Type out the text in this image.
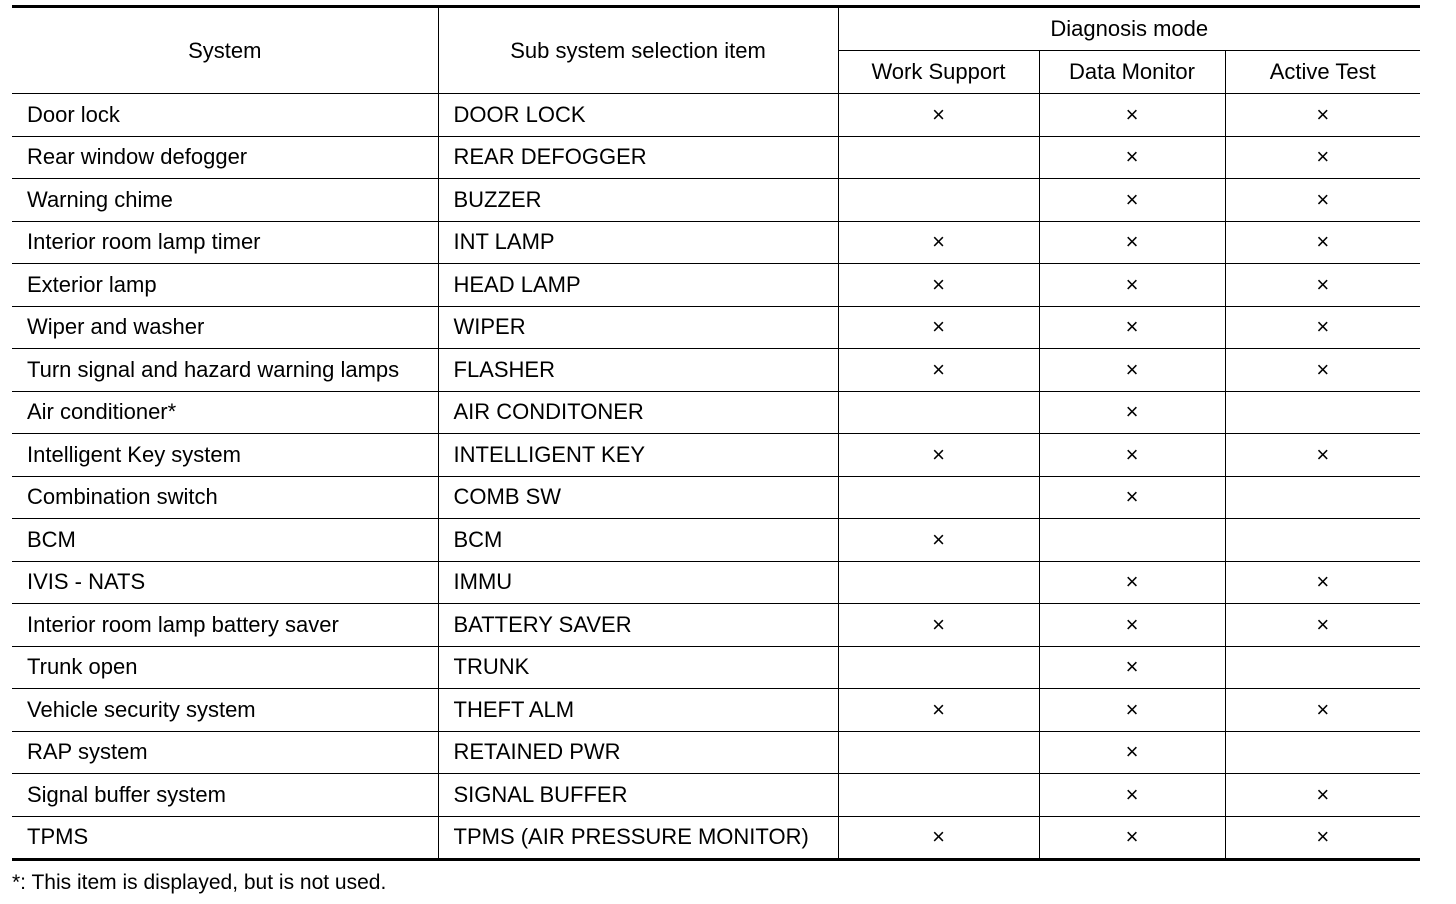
System	Sub system selection item	Diagnosis mode		
		Work Support	Data Monitor	Active Test
Door lock	DOOR LOCK	×	×	×
Rear window defogger	REAR DEFOGGER		×	×
Warning chime	BUZZER		×	×
Interior room lamp timer	INT LAMP	×	×	×
Exterior lamp	HEAD LAMP	×	×	×
Wiper and washer	WIPER	×	×	×
Turn signal and hazard warning lamps	FLASHER	×	×	×
Air conditioner*	AIR CONDITONER		×	
Intelligent Key system	INTELLIGENT KEY	×	×	×
Combination switch	COMB SW		×	
BCM	BCM	×		
IVIS - NATS	IMMU		×	×
Interior room lamp battery saver	BATTERY SAVER	×	×	×
Trunk open	TRUNK		×	
Vehicle security system	THEFT ALM	×	×	×
RAP system	RETAINED PWR		×	
Signal buffer system	SIGNAL BUFFER		×	×
TPMS	TPMS (AIR PRESSURE MONITOR)	×	×	×
*: This item is displayed, but is not used.
